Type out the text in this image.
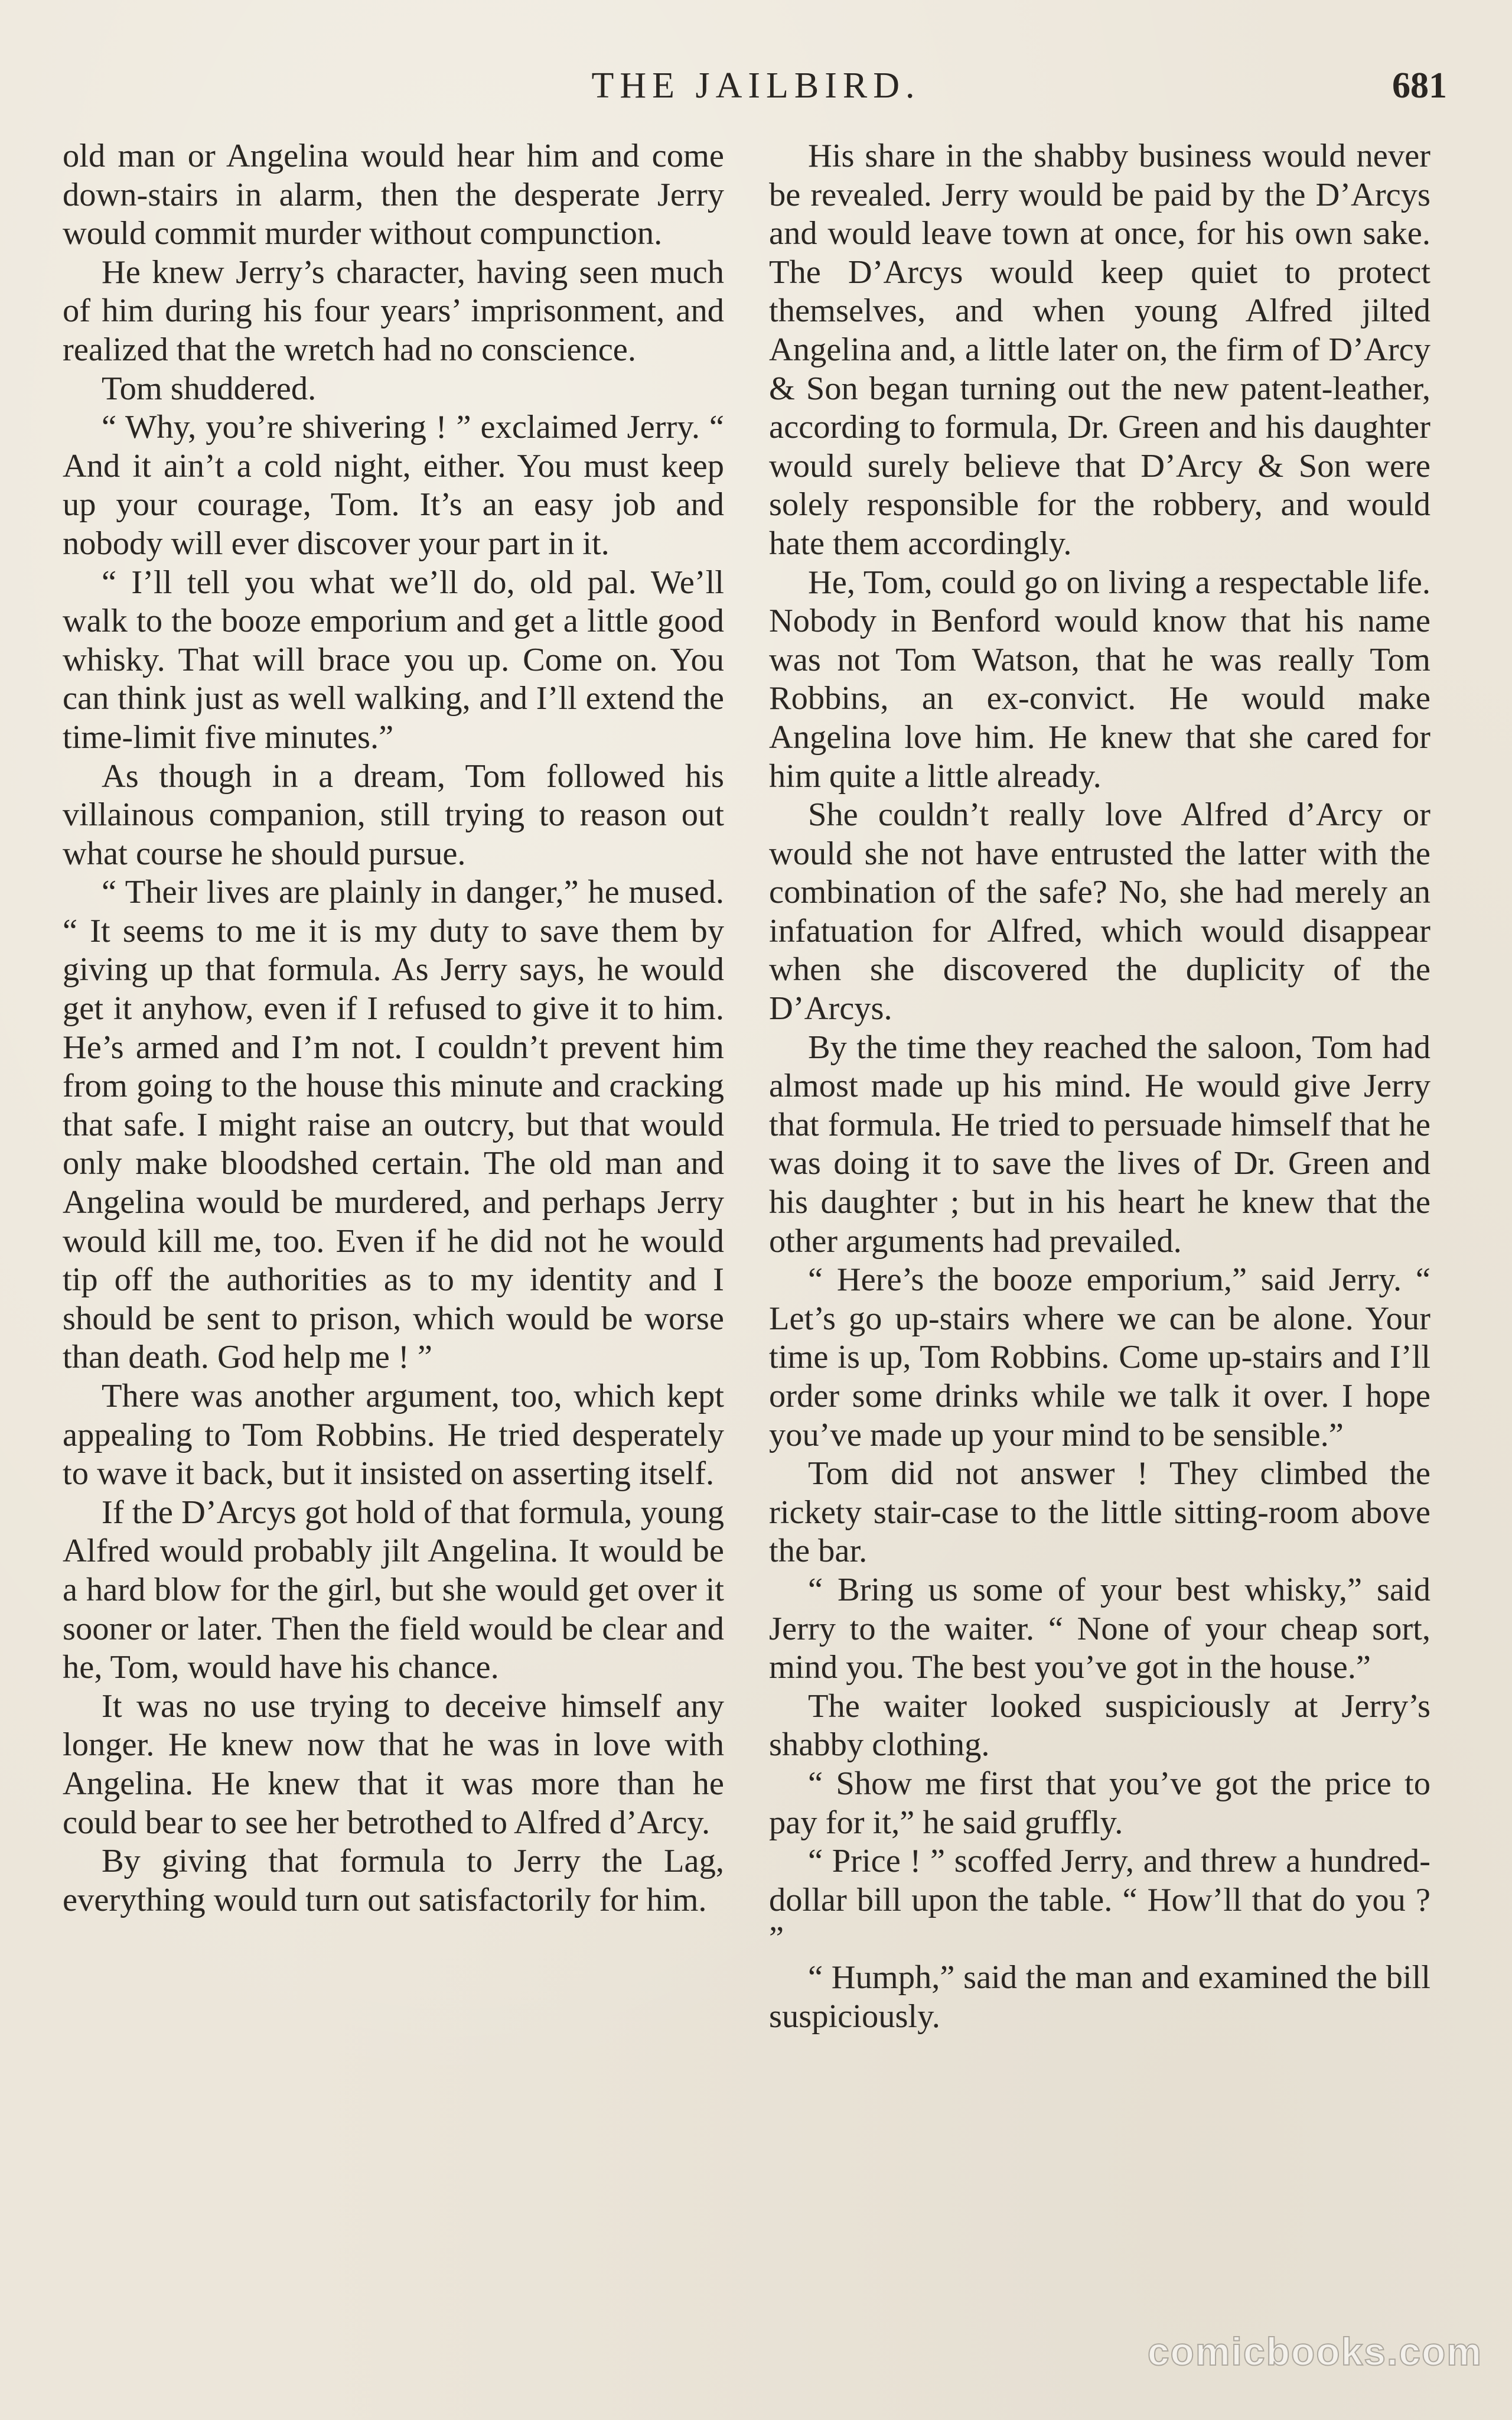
THE JAILBIRD.	681

old man or Angelina would hear him and come down-stairs in alarm, then the desperate Jerry would commit murder without compunction.

He knew Jerry’s character, having seen much of him during his four years’ imprisonment, and realized that the wretch had no conscience.

Tom shuddered.

“ Why, you’re shivering ! ” exclaimed Jerry. “ And it ain’t a cold night, either. You must keep up your courage, Tom. It’s an easy job and nobody will ever discover your part in it.

“ I’ll tell you what we’ll do, old pal. We’ll walk to the booze emporium and get a little good whisky. That will brace you up. Come on. You can think just as well walking, and I’ll extend the time-limit five minutes.”

As though in a dream, Tom followed his villainous companion, still trying to reason out what course he should pursue.

“ Their lives are plainly in danger,” he mused. “ It seems to me it is my duty to save them by giving up that formula. As Jerry says, he would get it anyhow, even if I refused to give it to him. He’s armed and I’m not. I couldn’t prevent him from going to the house this minute and cracking that safe. I might raise an outcry, but that would only make bloodshed certain. The old man and Angelina would be murdered, and perhaps Jerry would kill me, too. Even if he did not he would tip off the authorities as to my identity and I should be sent to prison, which would be worse than death. God help me ! ”

There was another argument, too, which kept appealing to Tom Robbins. He tried desperately to wave it back, but it insisted on asserting itself.

If the D’Arcys got hold of that formula, young Alfred would probably jilt Angelina. It would be a hard blow for the girl, but she would get over it sooner or later. Then the field would be clear and he, Tom, would have his chance.

It was no use trying to deceive himself any longer. He knew now that he was in love with Angelina. He knew that it was more than he could bear to see her betrothed to Alfred d’Arcy.

By giving that formula to Jerry the Lag, everything would turn out satisfactorily for him.

His share in the shabby business would never be revealed. Jerry would be paid by the D’Arcys and would leave town at once, for his own sake. The D’Arcys would keep quiet to protect themselves, and when young Alfred jilted Angelina and, a little later on, the firm of D’Arcy & Son began turning out the new patent-leather, according to formula, Dr. Green and his daughter would surely believe that D’Arcy & Son were solely responsible for the robbery, and would hate them accordingly.

He, Tom, could go on living a respectable life. Nobody in Benford would know that his name was not Tom Watson, that he was really Tom Robbins, an ex-convict. He would make Angelina love him. He knew that she cared for him quite a little already.

She couldn’t really love Alfred d’Arcy or would she not have entrusted the latter with the combination of the safe? No, she had merely an infatuation for Alfred, which would disappear when she discovered the duplicity of the D’Arcys.

By the time they reached the saloon, Tom had almost made up his mind. He would give Jerry that formula. He tried to persuade himself that he was doing it to save the lives of Dr. Green and his daughter ; but in his heart he knew that the other arguments had prevailed.

“ Here’s the booze emporium,” said Jerry. “ Let’s go up-stairs where we can be alone. Your time is up, Tom Robbins. Come up-stairs and I’ll order some drinks while we talk it over. I hope you’ve made up your mind to be sensible.”

Tom did not answer ! They climbed the rickety stair-case to the little sitting-room above the bar.

“ Bring us some of your best whisky,” said Jerry to the waiter. “ None of your cheap sort, mind you. The best you’ve got in the house.”

The waiter looked suspiciously at Jerry’s shabby clothing.

“ Show me first that you’ve got the price to pay for it,” he said gruffly.

“ Price ! ” scoffed Jerry, and threw a hundred-dollar bill upon the table. “ How’ll that do you ? ”

“ Humph,” said the man and examined the bill suspiciously.

comicbooks.com
